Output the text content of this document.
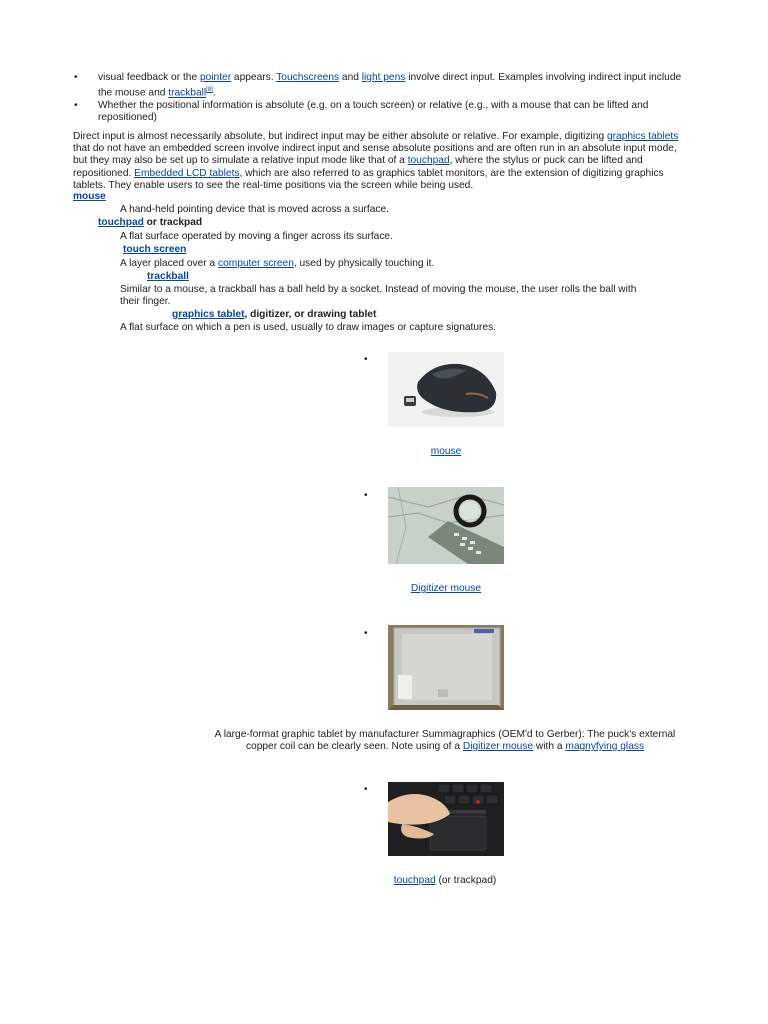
• visual feedback or the pointer appears. Touchscreens and light pens involve direct input. Examples involving indirect input include the mouse and trackball[8].
• Whether the positional information is absolute (e.g. on a touch screen) or relative (e.g., with a mouse that can be lifted and repositioned)
Direct input is almost necessarily absolute, but indirect input may be either absolute or relative. For example, digitizing graphics tablets that do not have an embedded screen involve indirect input and sense absolute positions and are often run in an absolute input mode, but they may also be set up to simulate a relative input mode like that of a touchpad, where the stylus or puck can be lifted and repositioned. Embedded LCD tablets, which are also referred to as graphics tablet monitors, are the extension of digitizing graphics tablets. They enable users to see the real-time positions via the screen while being used.
mouse
A hand-held pointing device that is moved across a surface.
touchpad or trackpad
A flat surface operated by moving a finger across its surface.
touch screen
A layer placed over a computer screen, used by physically touching it.
trackball
Similar to a mouse, a trackball has a ball held by a socket. Instead of moving the mouse, the user rolls the ball with
their finger.
graphics tablet, digitizer, or drawing tablet
A flat surface on which a pen is used, usually to draw images or capture signatures.
•
mouse
•
Digitizer mouse
•
A large-format graphic tablet by manufacturer Summagraphics (OEM'd to Gerber): The puck's external
copper coil can be clearly seen. Note using of a Digitizer mouse with a magnyfying glass
•
touchpad (or trackpad)
